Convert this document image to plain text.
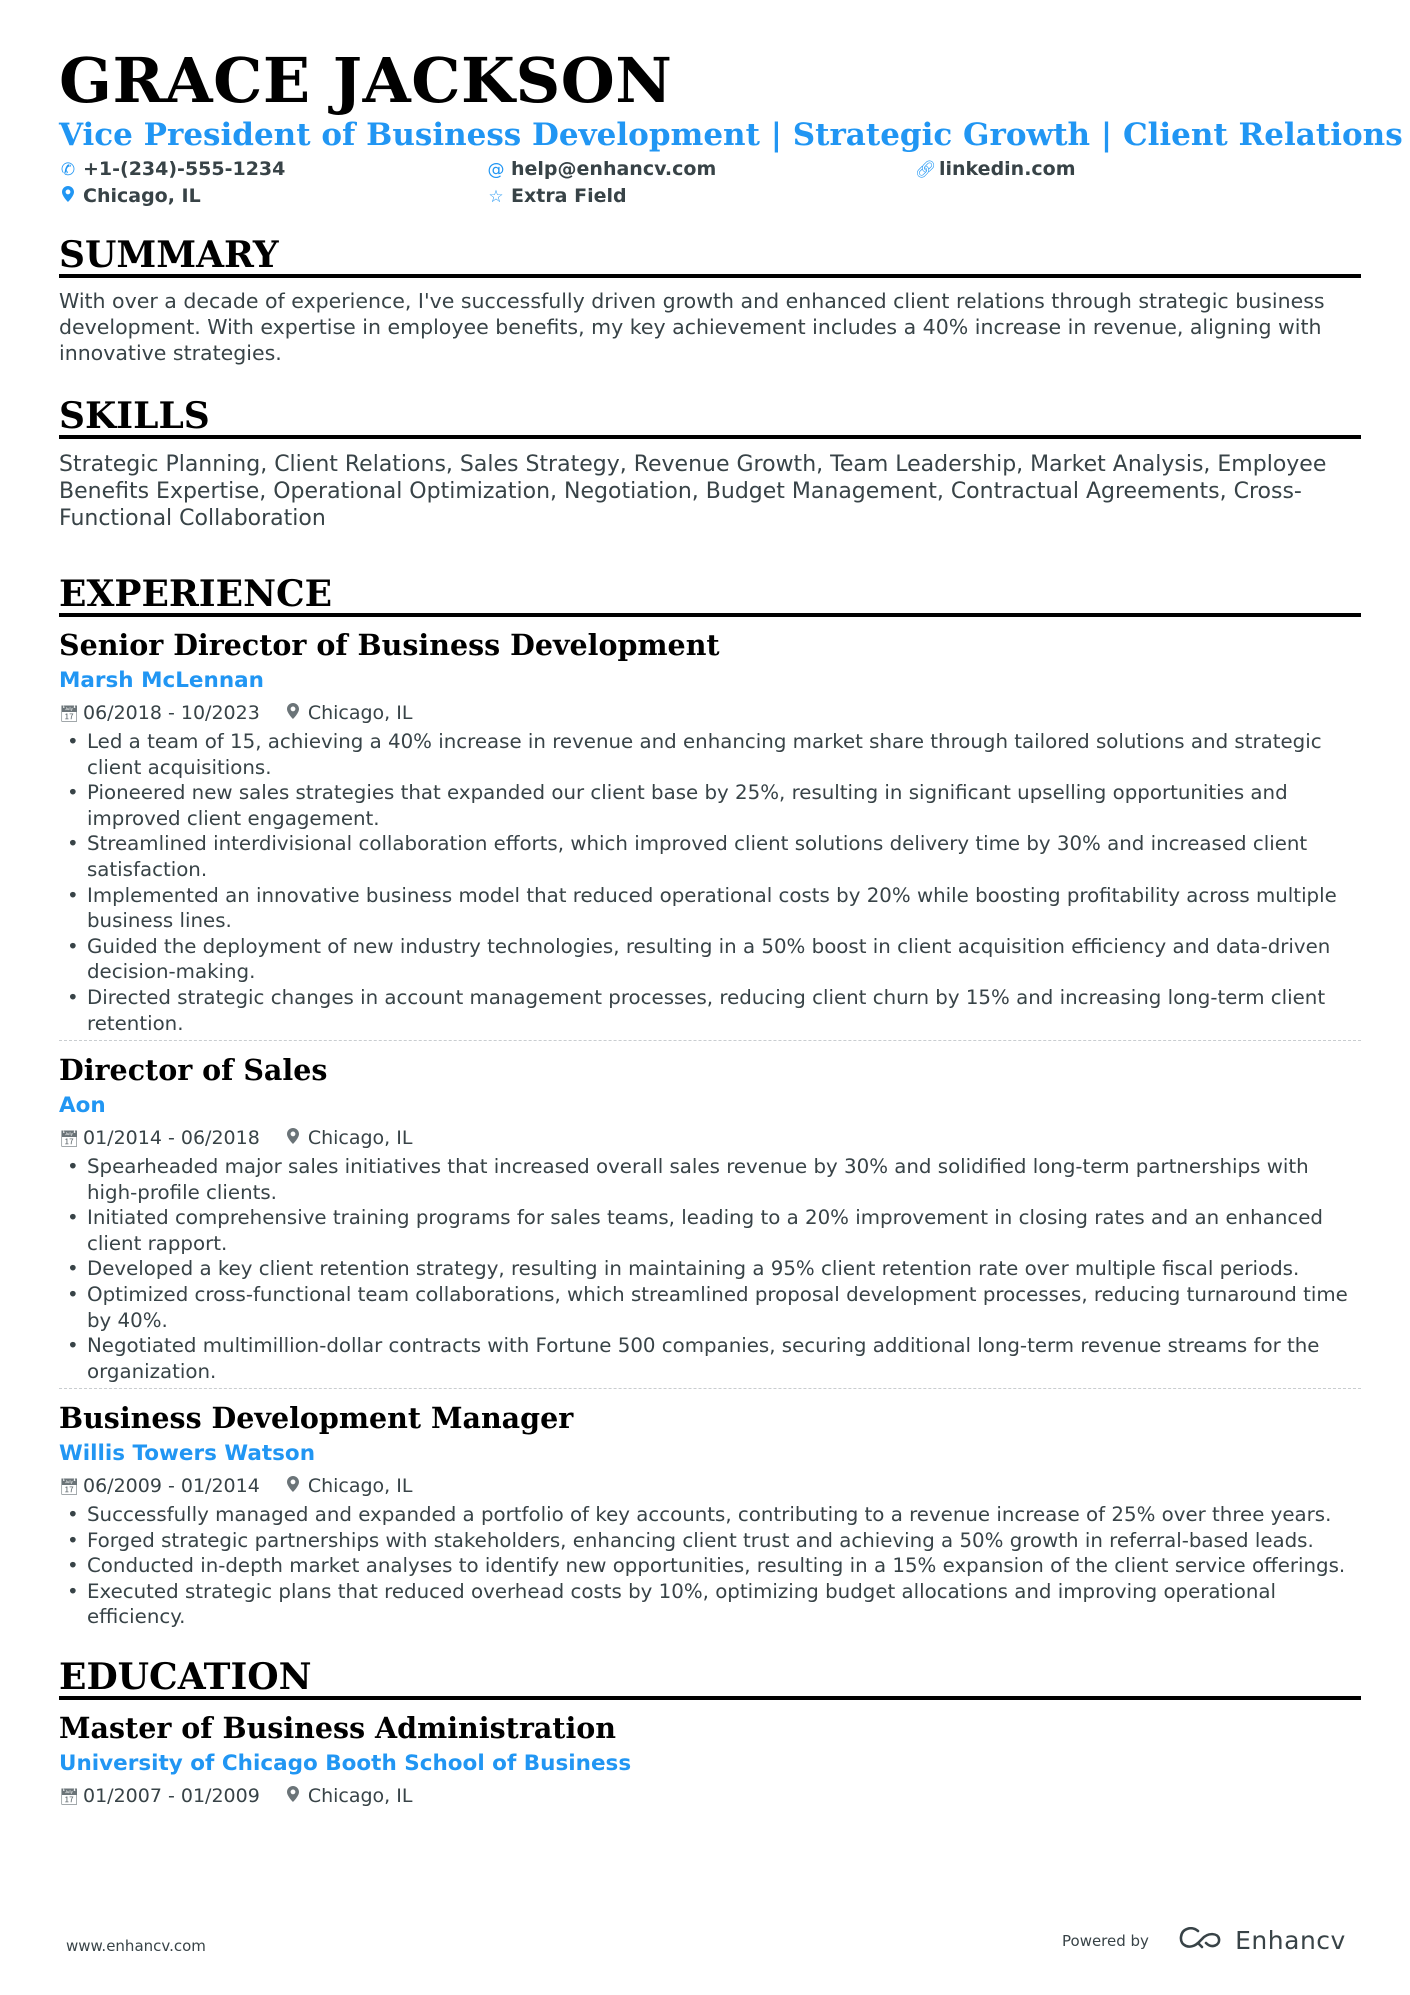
GRACE JACKSON
Vice President of Business Development | Strategic Growth | Client Relations
✆ +1-(234)-555-1234	@ help@enhancv.com	🔗︎ linkedin.com
Chicago, IL	☆ Extra Field
SUMMARY

With over a decade of experience, I've successfully driven growth and enhanced client relations through strategic business development. With expertise in employee benefits, my key achievement includes a 40% increase in revenue, aligning with innovative strategies.

SKILLS

Strategic Planning, Client Relations, Sales Strategy, Revenue Growth, Team Leadership, Market Analysis, Employee Benefits Expertise, Operational Optimization, Negotiation, Budget Management, Contractual Agreements, Cross-Functional Collaboration

EXPERIENCE
Senior Director of Business Development
Marsh McLennan
📅︎ 06/2018 - 10/2023	Chicago, IL
• Led a team of 15, achieving a 40% increase in revenue and enhancing market share through tailored solutions and strategic client acquisitions.
• Pioneered new sales strategies that expanded our client base by 25%, resulting in significant upselling opportunities and improved client engagement.
• Streamlined interdivisional collaboration efforts, which improved client solutions delivery time by 30% and increased client satisfaction.
• Implemented an innovative business model that reduced operational costs by 20% while boosting profitability across multiple business lines.
• Guided the deployment of new industry technologies, resulting in a 50% boost in client acquisition efficiency and data-driven decision-making.
• Directed strategic changes in account management processes, reducing client churn by 15% and increasing long-term client retention.
Director of Sales
Aon
📅︎ 01/2014 - 06/2018	Chicago, IL
• Spearheaded major sales initiatives that increased overall sales revenue by 30% and solidified long-term partnerships with high-profile clients.
• Initiated comprehensive training programs for sales teams, leading to a 20% improvement in closing rates and an enhanced client rapport.
• Developed a key client retention strategy, resulting in maintaining a 95% client retention rate over multiple fiscal periods.
• Optimized cross-functional team collaborations, which streamlined proposal development processes, reducing turnaround time by 40%.
• Negotiated multimillion-dollar contracts with Fortune 500 companies, securing additional long-term revenue streams for the organization.
Business Development Manager
Willis Towers Watson
📅︎ 06/2009 - 01/2014	Chicago, IL
• Successfully managed and expanded a portfolio of key accounts, contributing to a revenue increase of 25% over three years.
• Forged strategic partnerships with stakeholders, enhancing client trust and achieving a 50% growth in referral-based leads.
• Conducted in-depth market analyses to identify new opportunities, resulting in a 15% expansion of the client service offerings.
• Executed strategic plans that reduced overhead costs by 10%, optimizing budget allocations and improving operational efficiency.
EDUCATION
Master of Business Administration
University of Chicago Booth School of Business
📅︎ 01/2007 - 01/2009	Chicago, IL
www.enhancv.com	Powered by	Enhancv
